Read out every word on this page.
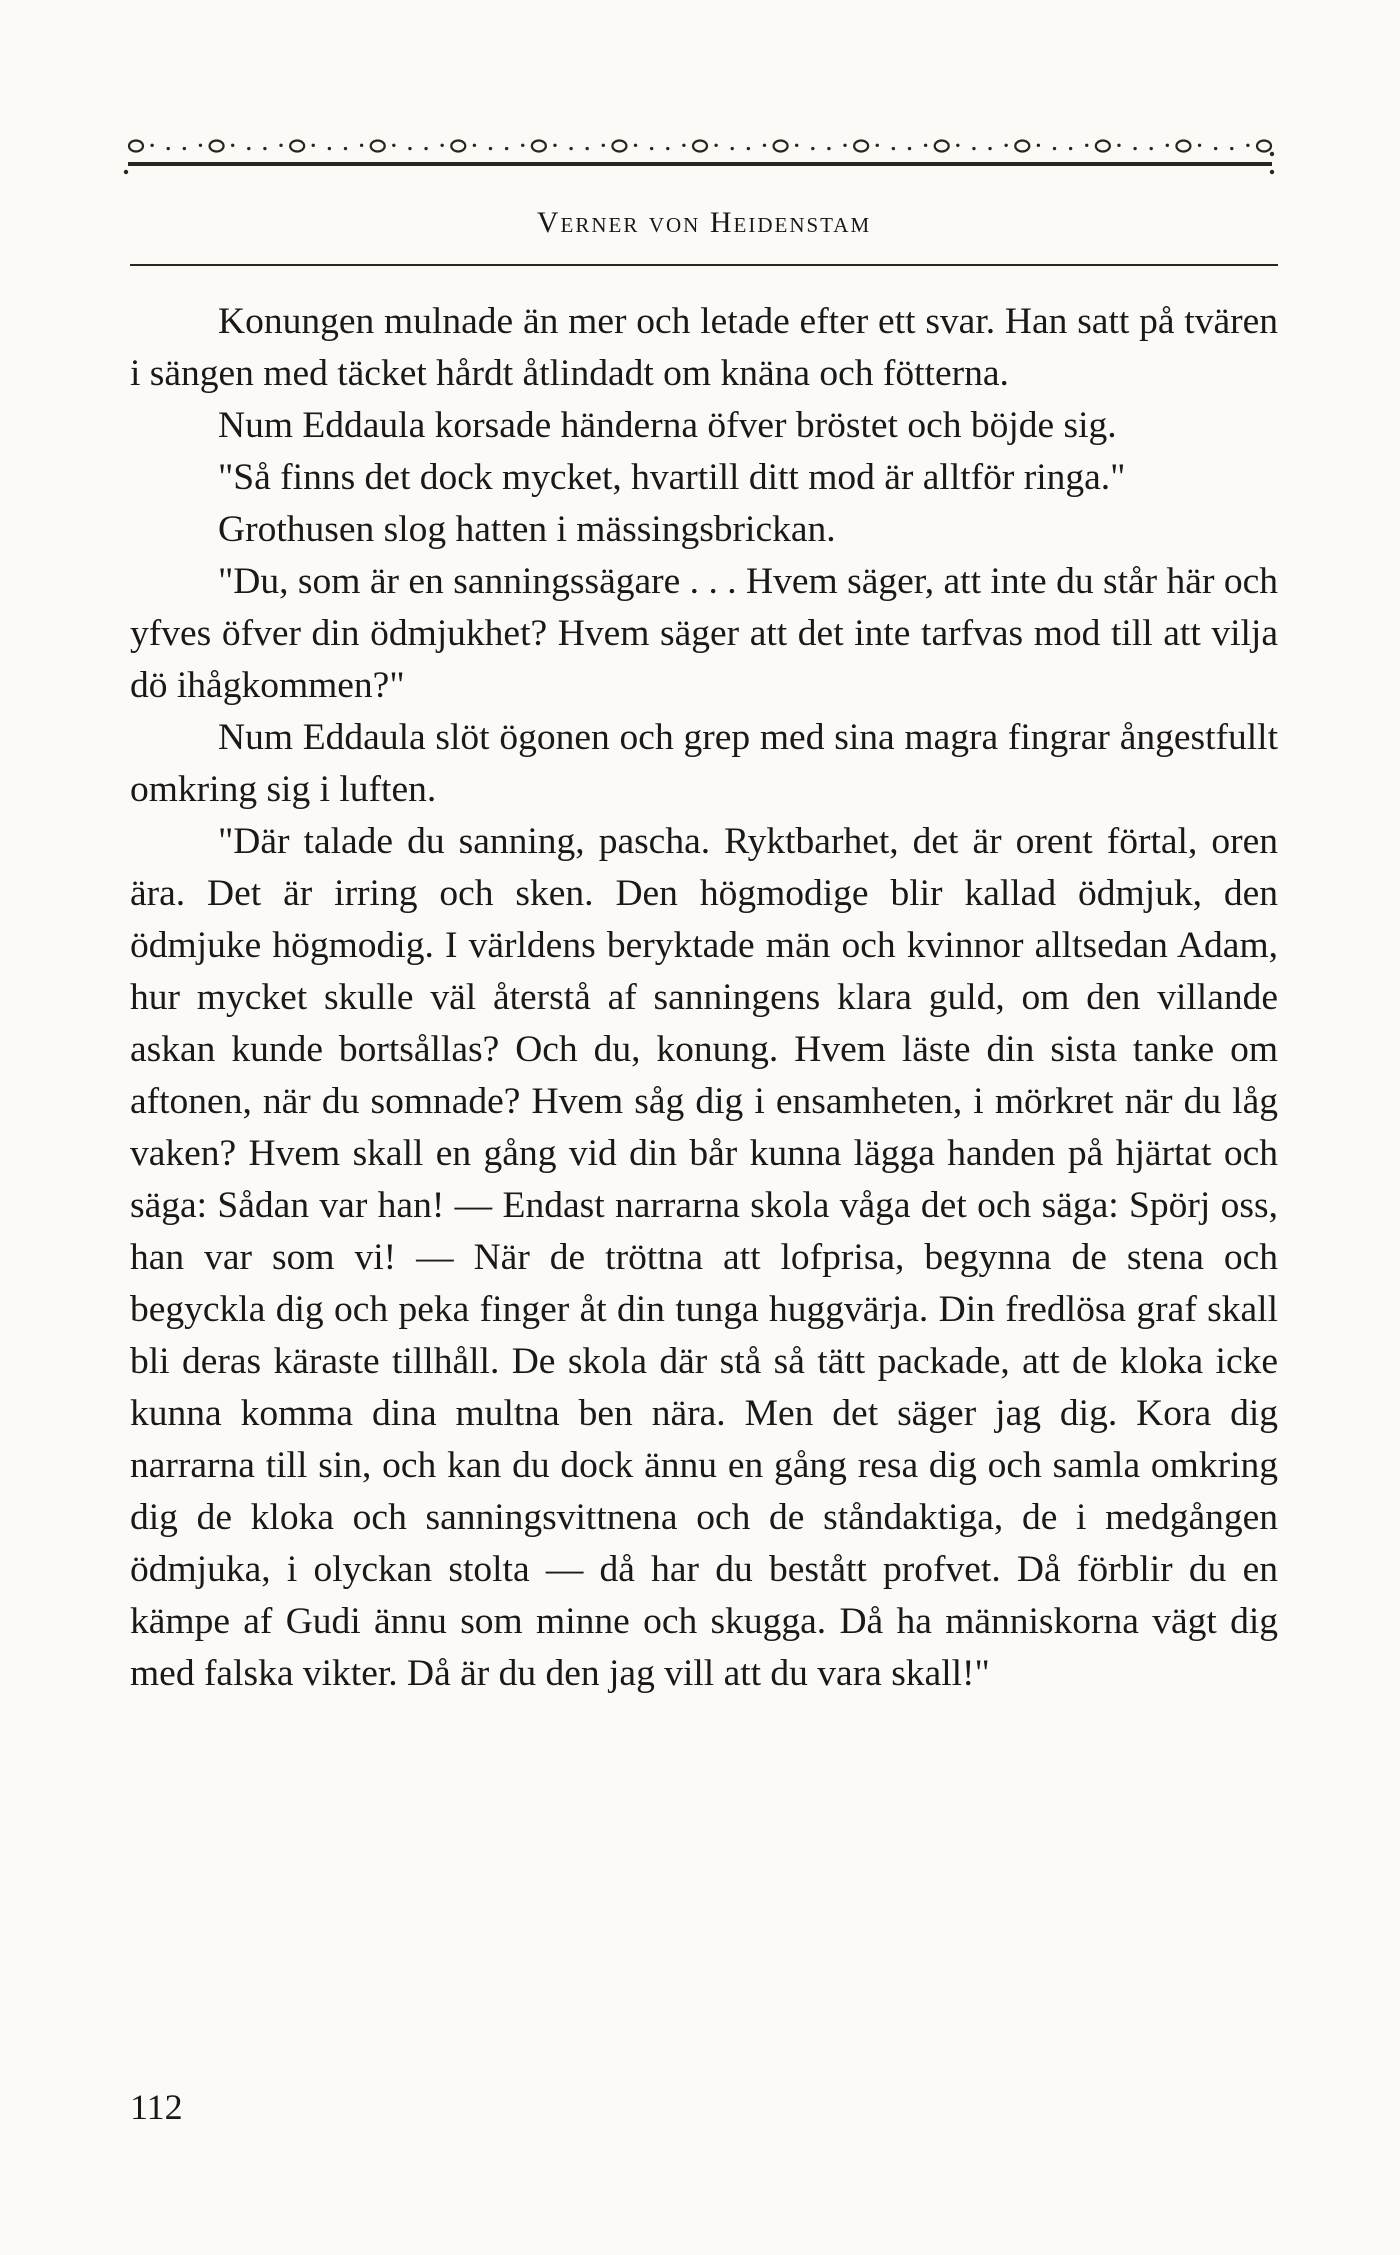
Verner von Heidenstam

Konungen mulnade än mer och letade efter ett svar. Han satt på tvären i sängen med täcket hårdt åtlindadt om knäna och fötterna.

Num Eddaula korsade händerna öfver bröstet och böjde sig.

"Så finns det dock mycket, hvartill ditt mod är alltför ringa."

Grothusen slog hatten i mässingsbrickan.

"Du, som är en sanningssägare . . . Hvem säger, att inte du står här och yfves öfver din ödmjukhet? Hvem säger att det inte tarfvas mod till att vilja dö ihågkommen?"

Num Eddaula slöt ögonen och grep med sina magra fingrar ångestfullt omkring sig i luften.

"Där talade du sanning, pascha. Ryktbarhet, det är orent förtal, oren ära. Det är irring och sken. Den högmodige blir kallad ödmjuk, den ödmjuke högmodig. I världens beryktade män och kvinnor alltsedan Adam, hur mycket skulle väl återstå af sanningens klara guld, om den villande askan kunde bortsållas? Och du, konung. Hvem läste din sista tanke om aftonen, när du somnade? Hvem såg dig i ensamheten, i mörkret när du låg vaken? Hvem skall en gång vid din bår kunna lägga handen på hjärtat och säga: Sådan var han! — Endast narrarna skola våga det och säga: Spörj oss, han var som vi! — När de tröttna att lofprisa, begynna de stena och begyckla dig och peka finger åt din tunga huggvärja. Din fredlösa graf skall bli deras käraste tillhåll. De skola där stå så tätt packade, att de kloka icke kunna komma dina multna ben nära. Men det säger jag dig. Kora dig narrarna till sin, och kan du dock ännu en gång resa dig och samla omkring dig de kloka och sanningsvittnena och de ståndaktiga, de i medgången ödmjuka, i olyckan stolta — då har du bestått profvet. Då förblir du en kämpe af Gudi ännu som minne och skugga. Då ha människorna vägt dig med falska vikter. Då är du den jag vill att du vara skall!"

112
